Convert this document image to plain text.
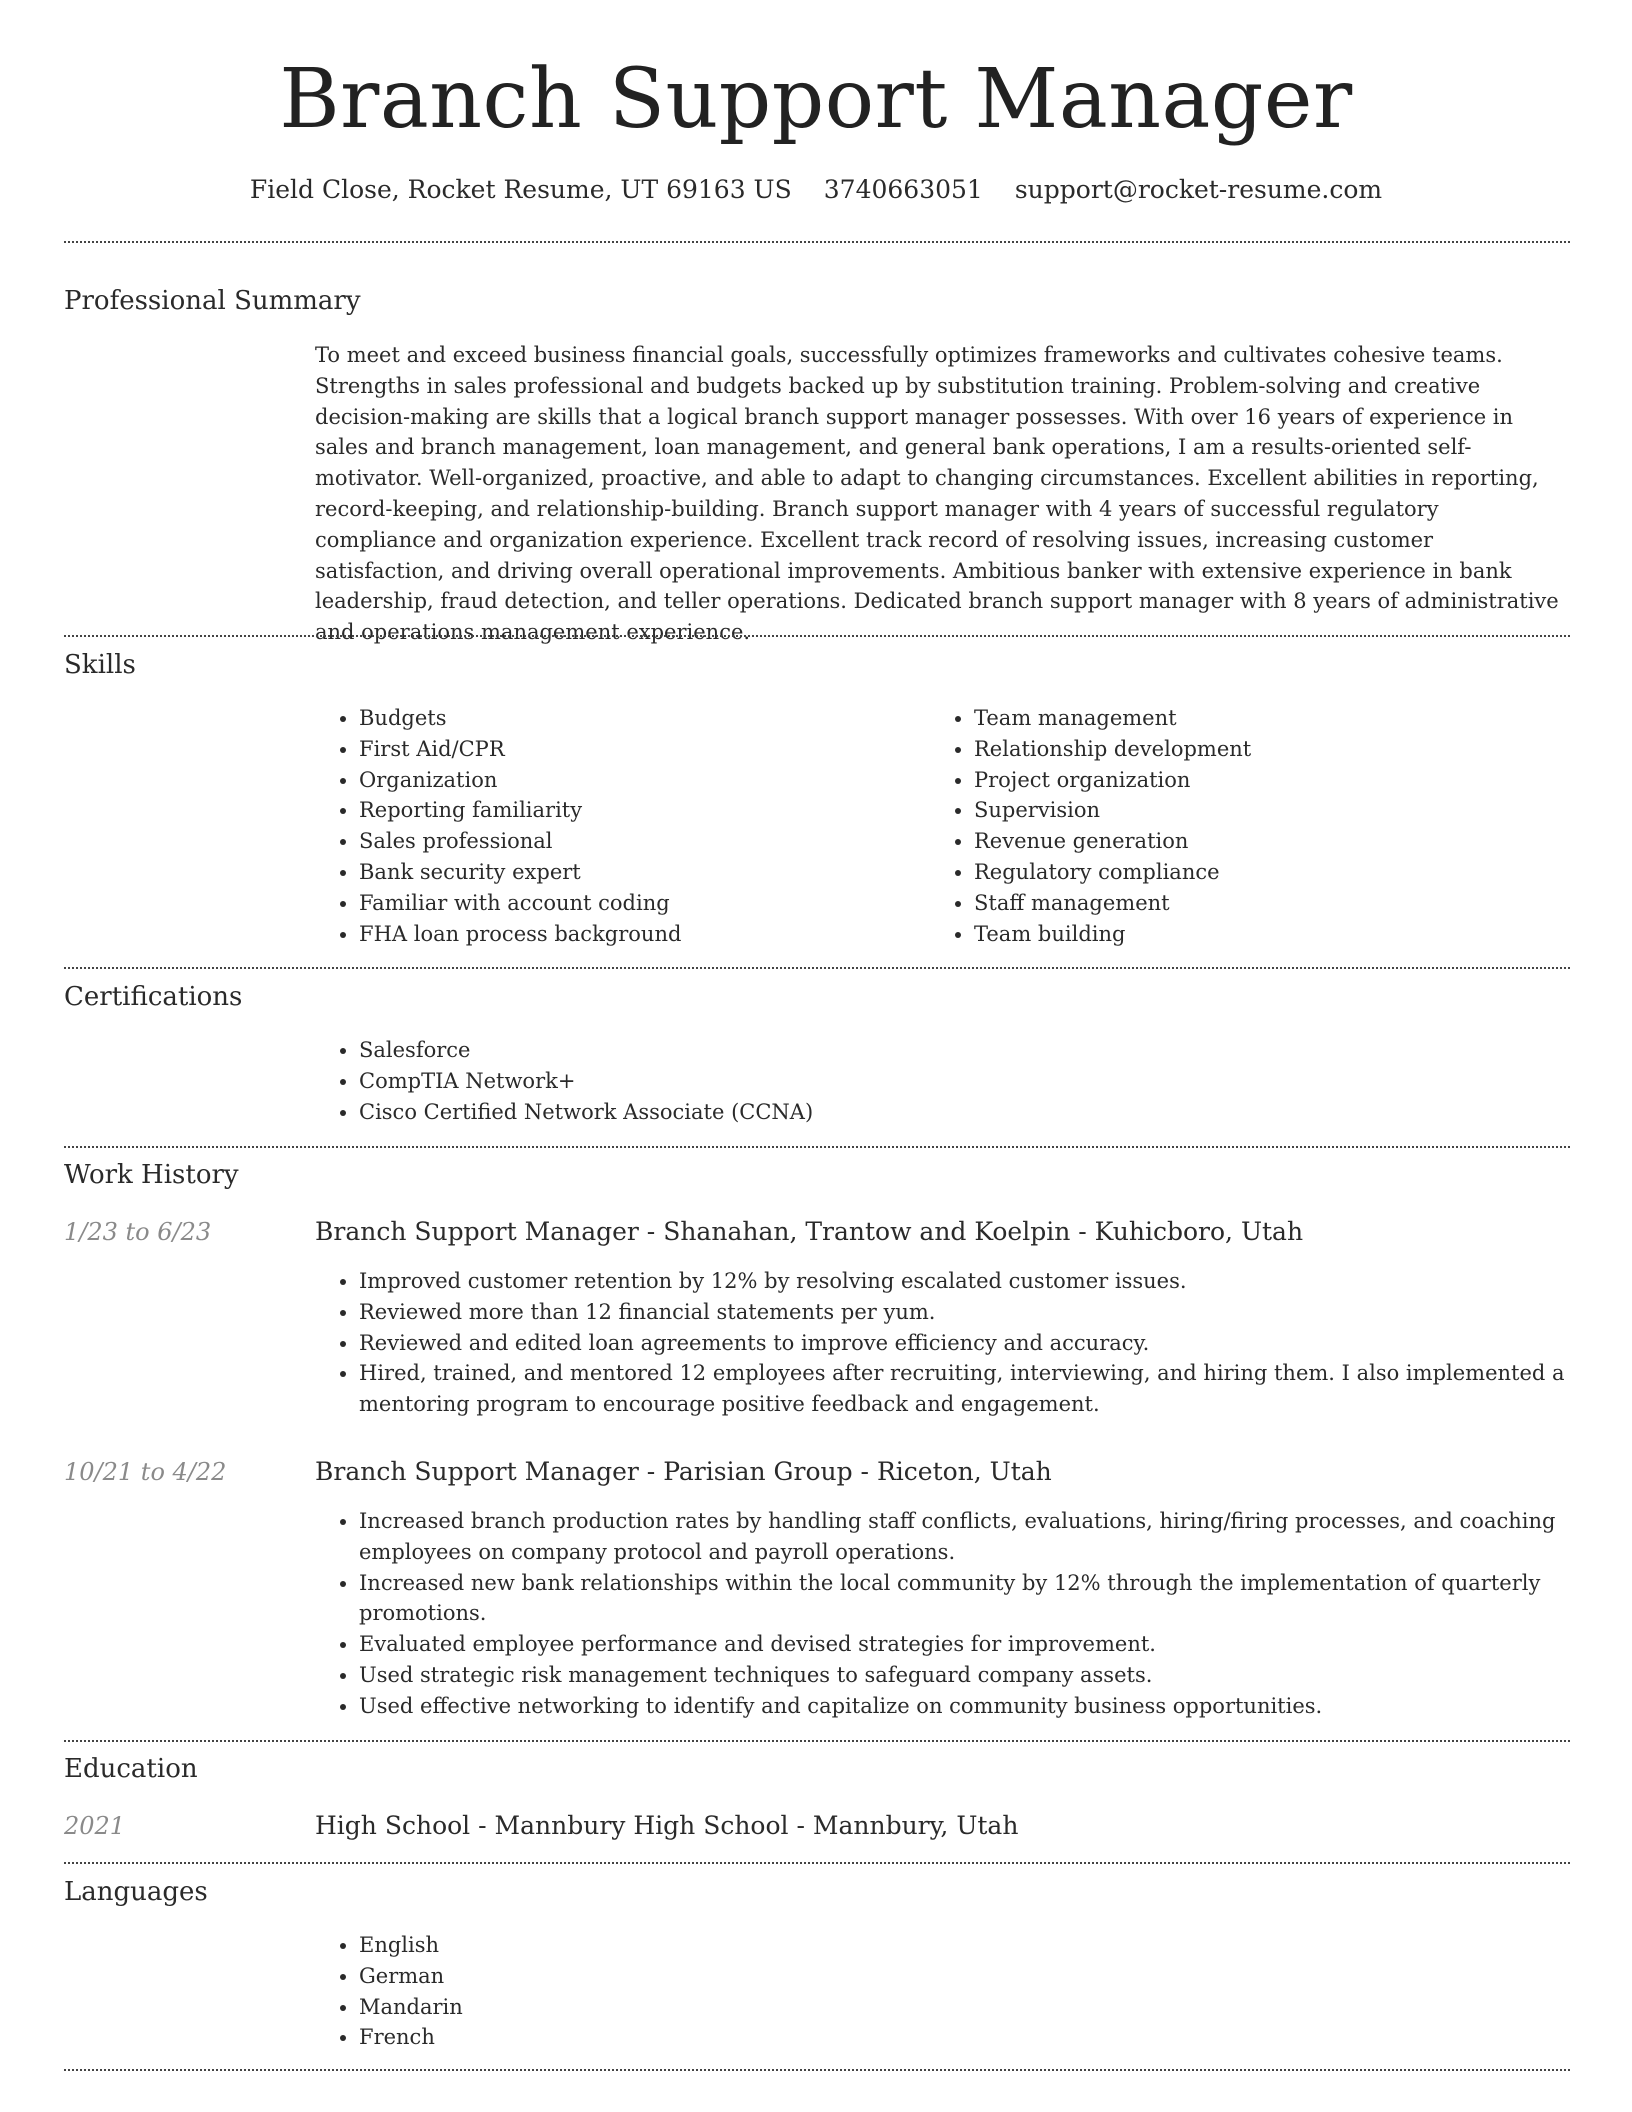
Branch Support Manager
Field Close, Rocket Resume, UT 69163 US 3740663051 support@rocket-resume.com
Professional Summary
To meet and exceed business financial goals, successfully optimizes frameworks and cultivates cohesive teams. Strengths in sales professional and budgets backed up by substitution training. Problem-solving and creative decision-making are skills that a logical branch support manager possesses. With over 16 years of experience in sales and branch management, loan management, and general bank operations, I am a results-oriented self-motivator. Well-organized, proactive, and able to adapt to changing circumstances. Excellent abilities in reporting, record-keeping, and relationship-building. Branch support manager with 4 years of successful regulatory compliance and organization experience. Excellent track record of resolving issues, increasing customer satisfaction, and driving overall operational improvements. Ambitious banker with extensive experience in bank leadership, fraud detection, and teller operations. Dedicated branch support manager with 8 years of administrative and operations management experience.
Skills
• Budgets
• First Aid/CPR
• Organization
• Reporting familiarity
• Sales professional
• Bank security expert
• Familiar with account coding
• FHA loan process background
• Team management
• Relationship development
• Project organization
• Supervision
• Revenue generation
• Regulatory compliance
• Staff management
• Team building
Certifications
• Salesforce
• CompTIA Network+
• Cisco Certified Network Associate (CCNA)
Work History
1/23 to 6/23	Branch Support Manager - Shanahan, Trantow and Koelpin - Kuhicboro, Utah
• Improved customer retention by 12% by resolving escalated customer issues.
• Reviewed more than 12 financial statements per yum.
• Reviewed and edited loan agreements to improve efficiency and accuracy.
• Hired, trained, and mentored 12 employees after recruiting, interviewing, and hiring them. I also implemented a mentoring program to encourage positive feedback and engagement.
10/21 to 4/22	Branch Support Manager - Parisian Group - Riceton, Utah
• Increased branch production rates by handling staff conflicts, evaluations, hiring/firing processes, and coaching employees on company protocol and payroll operations.
• Increased new bank relationships within the local community by 12% through the implementation of quarterly promotions.
• Evaluated employee performance and devised strategies for improvement.
• Used strategic risk management techniques to safeguard company assets.
• Used effective networking to identify and capitalize on community business opportunities.
Education
2021	High School - Mannbury High School - Mannbury, Utah
Languages
• English
• German
• Mandarin
• French
